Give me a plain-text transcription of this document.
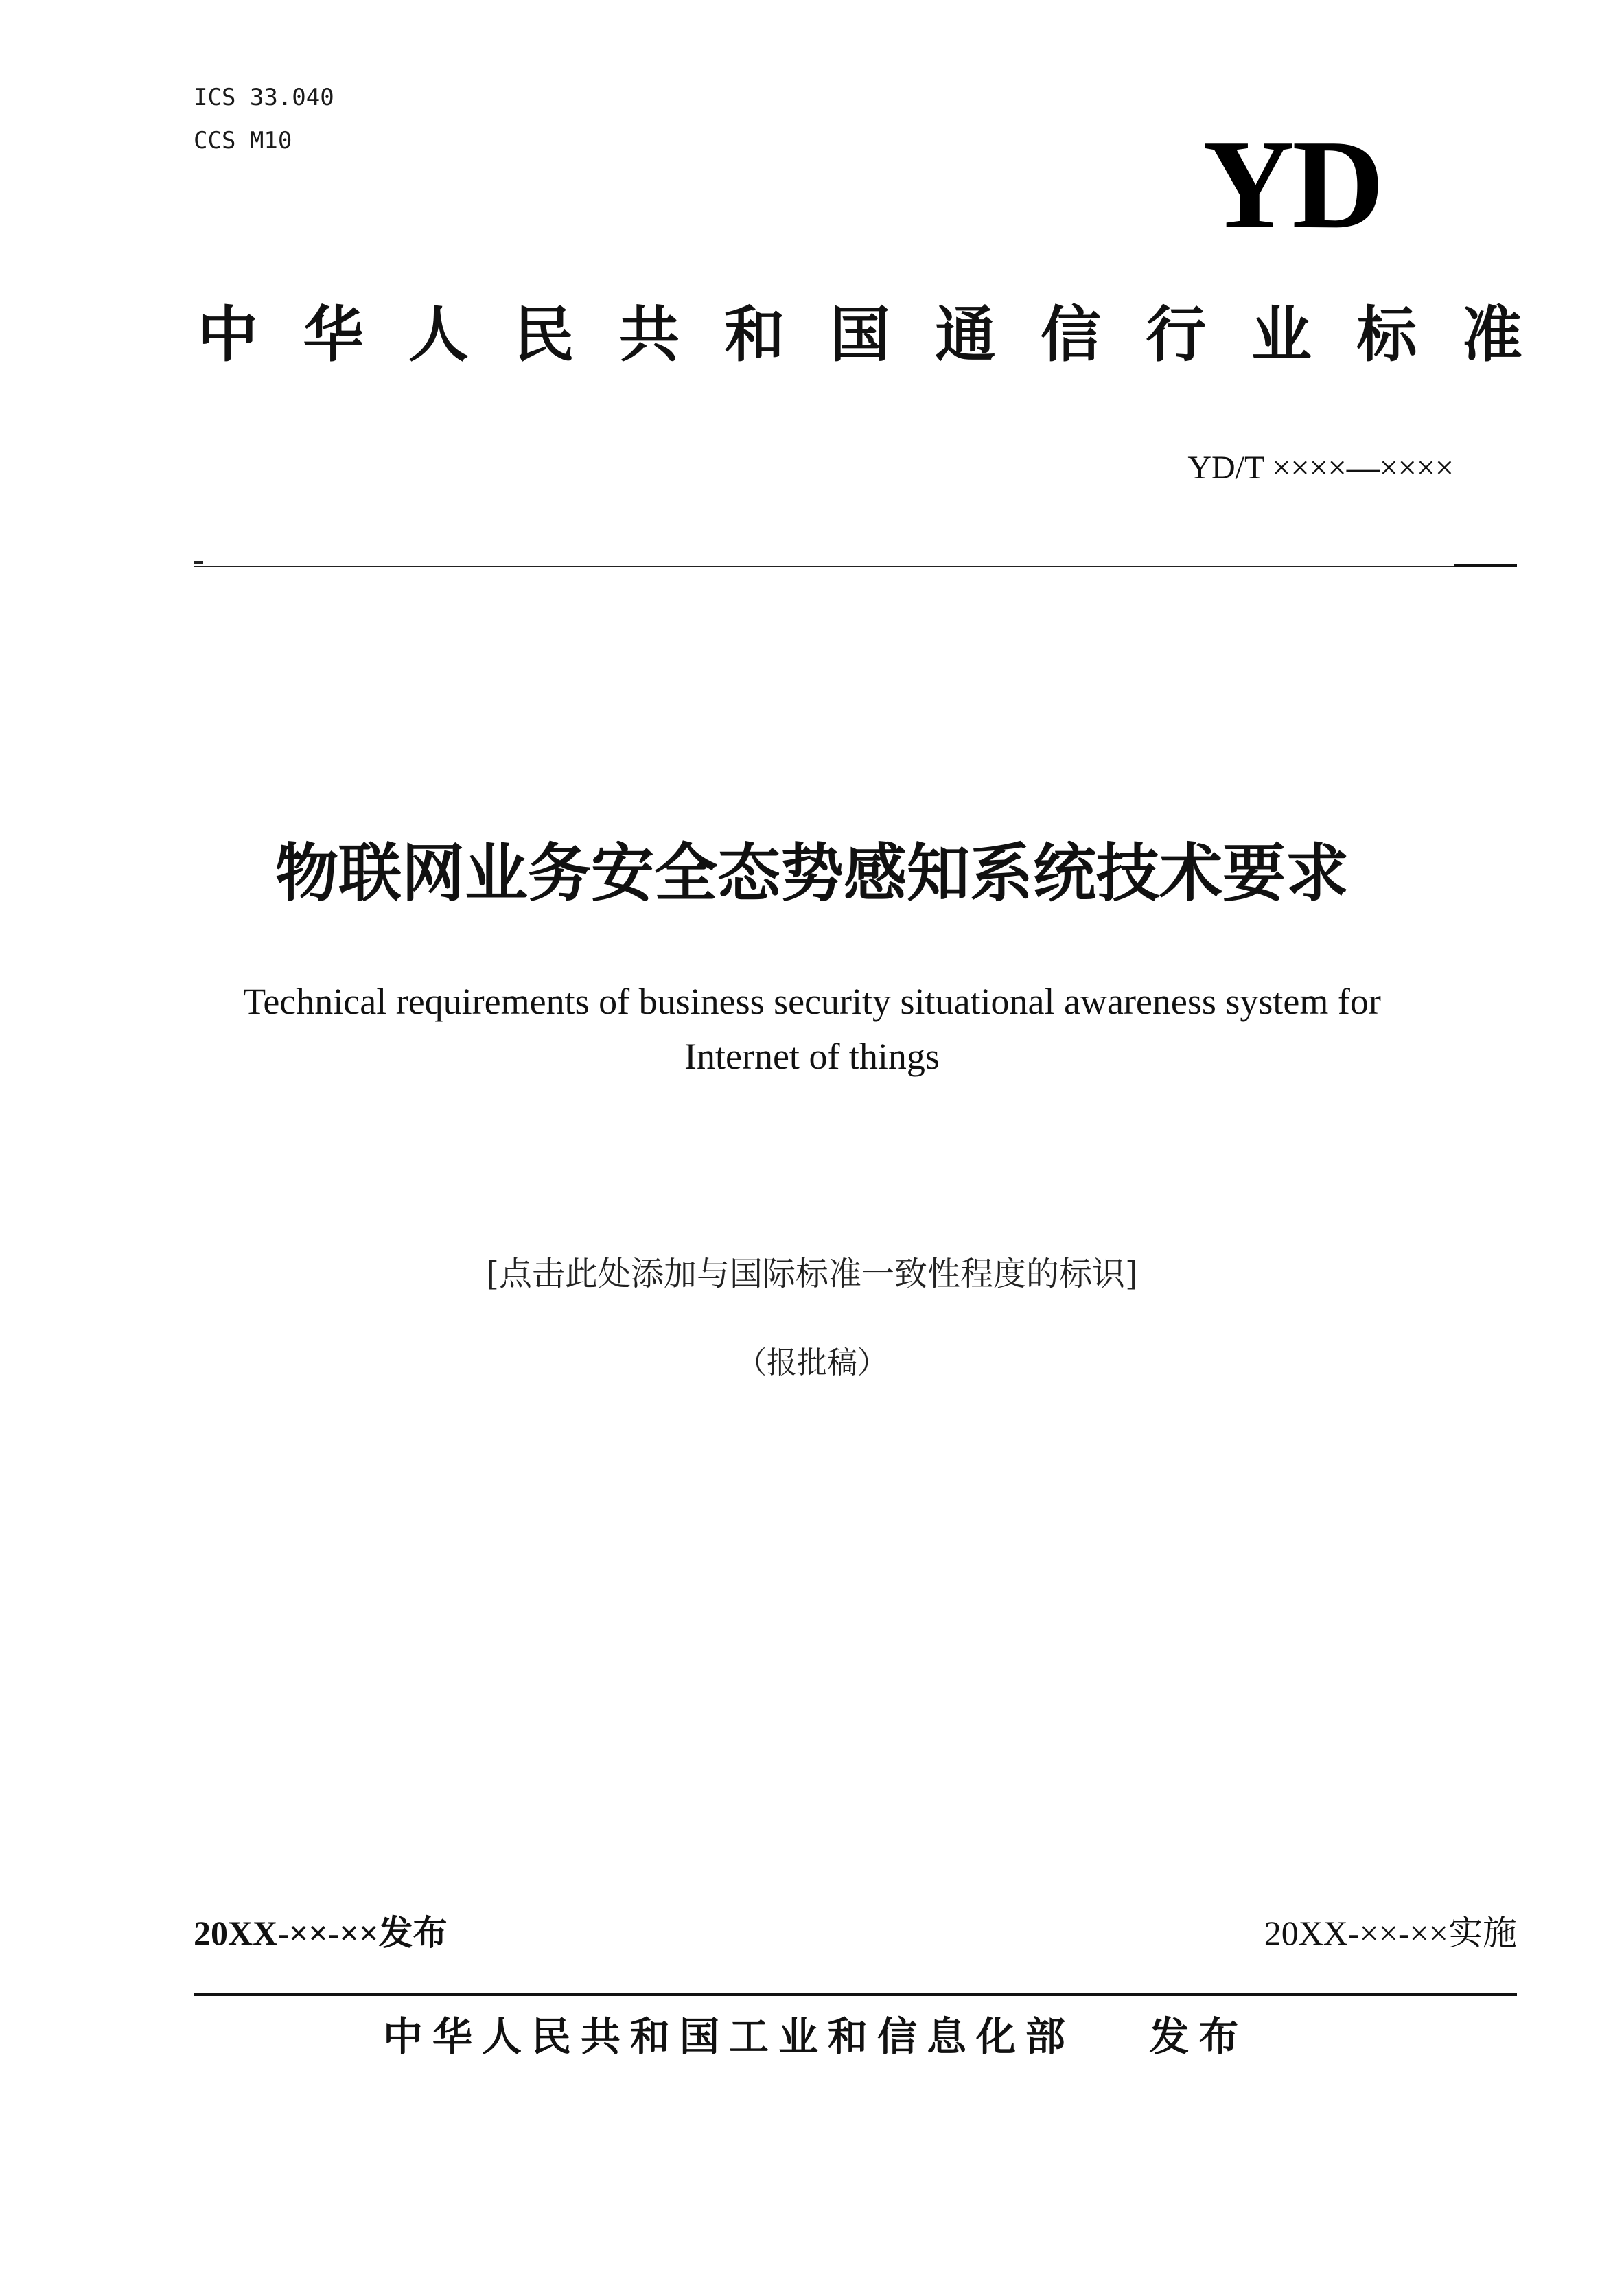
ICS 33.040
CCS M10	YD
中 华 人 民 共 和 国 通 信 行 业 标 准
YD/T ××××—××××
物联网业务安全态势感知系统技术要求
Technical requirements of business security situational awareness system for
Internet of things
[点击此处添加与国际标准一致性程度的标识]
（报批稿）
20XX-××-××发布	20XX-××-××实施
中华人民共和国工业和信息化部 发布
